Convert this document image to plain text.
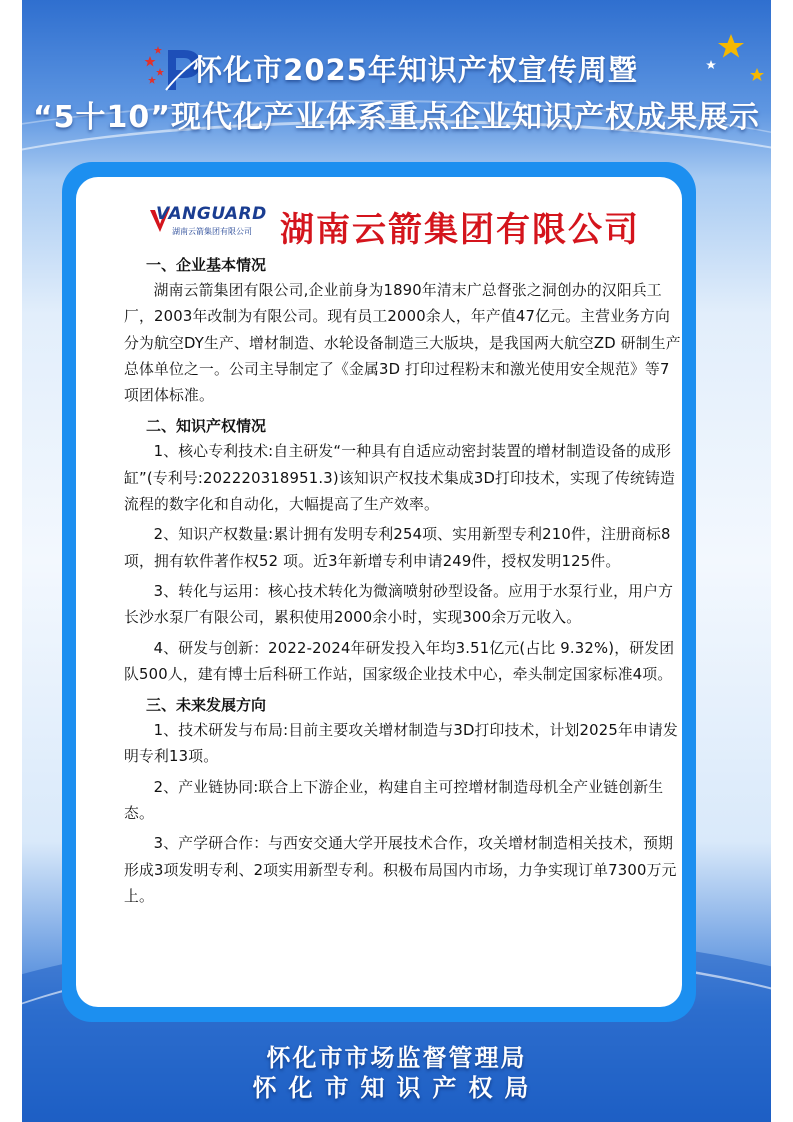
怀化市2025年知识产权宣传周暨
“5十10”现代化产业体系重点企业知识产权成果展示
怀化市市场监督管理局
怀化市知识产权局
VANGUARD
湖南云箭集团有限公司 湖南云箭集团有限公司
一、企业基本情况

湖南云箭集团有限公司,企业前身为1890年清末广总督张之洞创办的汉阳兵工厂，2003年改制为有限公司。现有员工2000余人，年产值47亿元。主营业务方向分为航空DY生产、增材制造、水轮设备制造三大版块，是我国两大航空ZD 研制生产总体单位之一。公司主导制定了《金属3D 打印过程粉末和激光使用安全规范》等7项团体标准。

二、知识产权情况

1、核心专利技术:自主研发“一种具有自适应动密封装置的增材制造设备的成形缸”(专利号:202220318951.3)该知识产权技术集成3D打印技术，实现了传统铸造流程的数字化和自动化，大幅提高了生产效率。

2、知识产权数量:累计拥有发明专利254项、实用新型专利210件，注册商标8项，拥有软件著作权52 项。近3年新增专利申请249件，授权发明125件。

3、转化与运用：核心技术转化为微滴喷射砂型设备。应用于水泵行业，用户方长沙水泵厂有限公司，累积使用2000余小时，实现300余万元收入。

4、研发与创新：2022-2024年研发投入年均3.51亿元(占比 9.32%)，研发团队500人，建有博士后科研工作站，国家级企业技术中心，牵头制定国家标准4项。

三、未来发展方向

1、技术研发与布局:目前主要攻关增材制造与3D打印技术，计划2025年申请发明专利13项。

2、产业链协同:联合上下游企业，构建自主可控增材制造母机全产业链创新生态。

3、产学研合作：与西安交通大学开展技术合作，攻关增材制造相关技术，预期形成3项发明专利、2项实用新型专利。积极布局国内市场，力争实现订单7300万元上。
